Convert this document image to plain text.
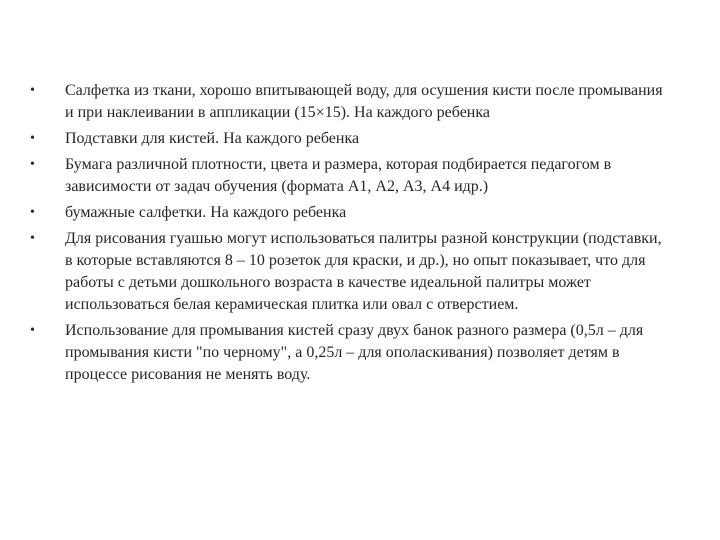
•	Салфетка из ткани, хорошо впитывающей воду, для осушения кисти после промывания и при наклеивании в аппликации (15×15). На каждого ребенка
•	Подставки для кистей. На каждого ребенка
•	Бумага различной плотности, цвета и размера, которая подбирается педагогом в зависимости от задач обучения (формата А1, А2, А3, А4 идр.)
•	бумажные салфетки. На каждого ребенка
•	Для рисования гуашью могут использоваться палитры разной конструкции (подставки, в которые вставляются 8 – 10 розеток для краски, и др.), но опыт показывает, что для работы с детьми дошкольного возраста в качестве идеальной палитры может использоваться белая керамическая плитка или овал с отверстием.
•	Использование для промывания кистей сразу двух банок разного размера (0,5л – для промывания кисти "по черному", а 0,25л – для ополаскивания) позволяет детям в процессе рисования не менять воду.
